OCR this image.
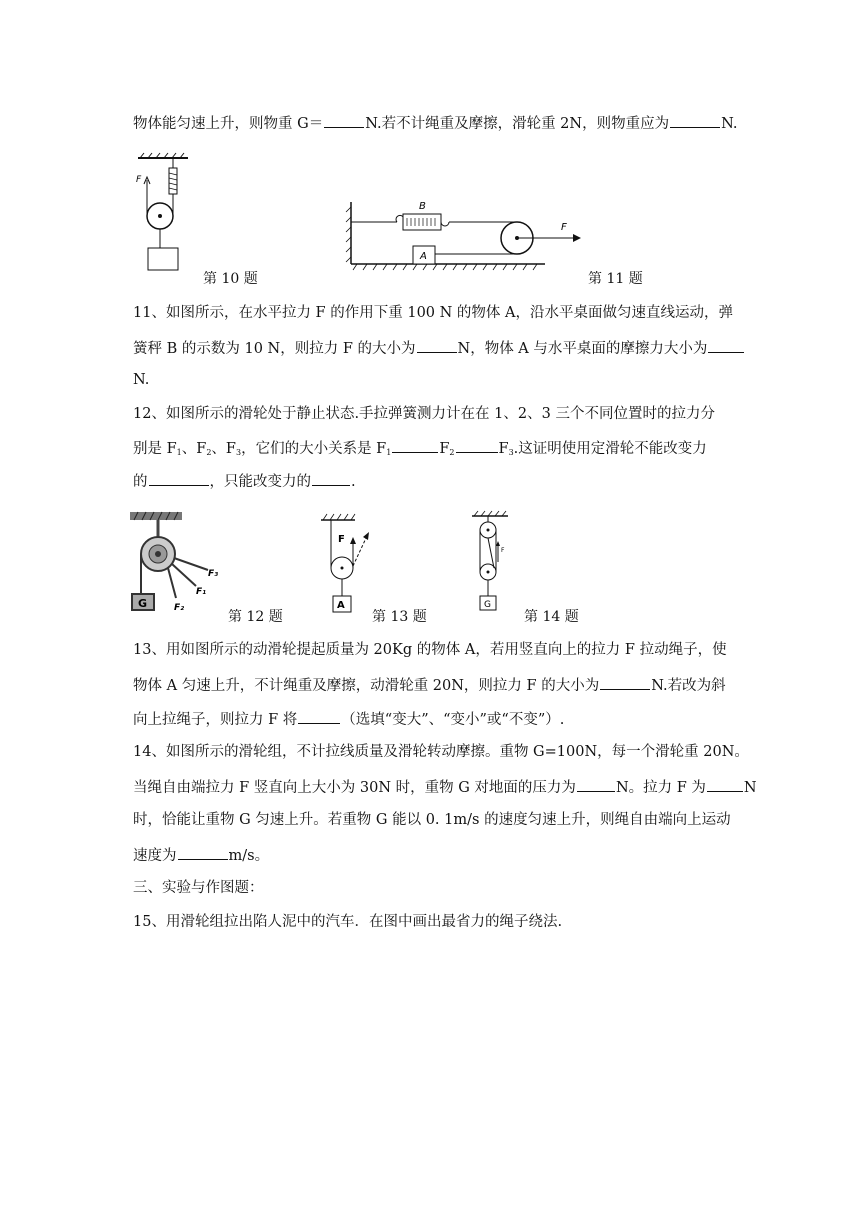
物体能匀速上升，则物重 G＝	N.若不计绳重及摩擦，滑轮重 2N，则物重应为	N.
F
第 10 题
B
F
A
第 11 题
11、如图所示，在水平拉力 F 的作用下重 100 N 的物体 A，沿水平桌面做匀速直线运动，弹
簧秤 B 的示数为 10 N，则拉力 F 的大小为	N，物体 A 与水平桌面的摩擦力大小为
N.
12、如图所示的滑轮处于静止状态.手拉弹簧测力计在在 1、2、3 三个不同位置时的拉力分
别是 $F_1$、$F_2$、$F_3$，它们的大小关系是 $F_1$	$F_2$	$F_3$.这证明使用定滑轮不能改变力
的	，只能改变力的	.
G
F₃
F₁
F₂
第 12 题
F
A
第 13 题
F
G
第 14 题
13、用如图所示的动滑轮提起质量为 20Kg 的物体 A，若用竖直向上的拉力 F 拉动绳子，使
物体 A 匀速上升，不计绳重及摩擦，动滑轮重 20N，则拉力 F 的大小为	N.若改为斜
向上拉绳子，则拉力 F 将	（选填“变大”、“变小”或“不变”）.
14、如图所示的滑轮组，不计拉线质量及滑轮转动摩擦。重物 G=100N，每一个滑轮重 20N。
当绳自由端拉力 F 竖直向上大小为 30N 时，重物 G 对地面的压力为	N。拉力 F 为	N
时，恰能让重物 G 匀速上升。若重物 G 能以 0. 1m/s 的速度匀速上升，则绳自由端向上运动
速度为	m/s。
三、实验与作图题：
15、用滑轮组拉出陷人泥中的汽车．在图中画出最省力的绳子绕法.
